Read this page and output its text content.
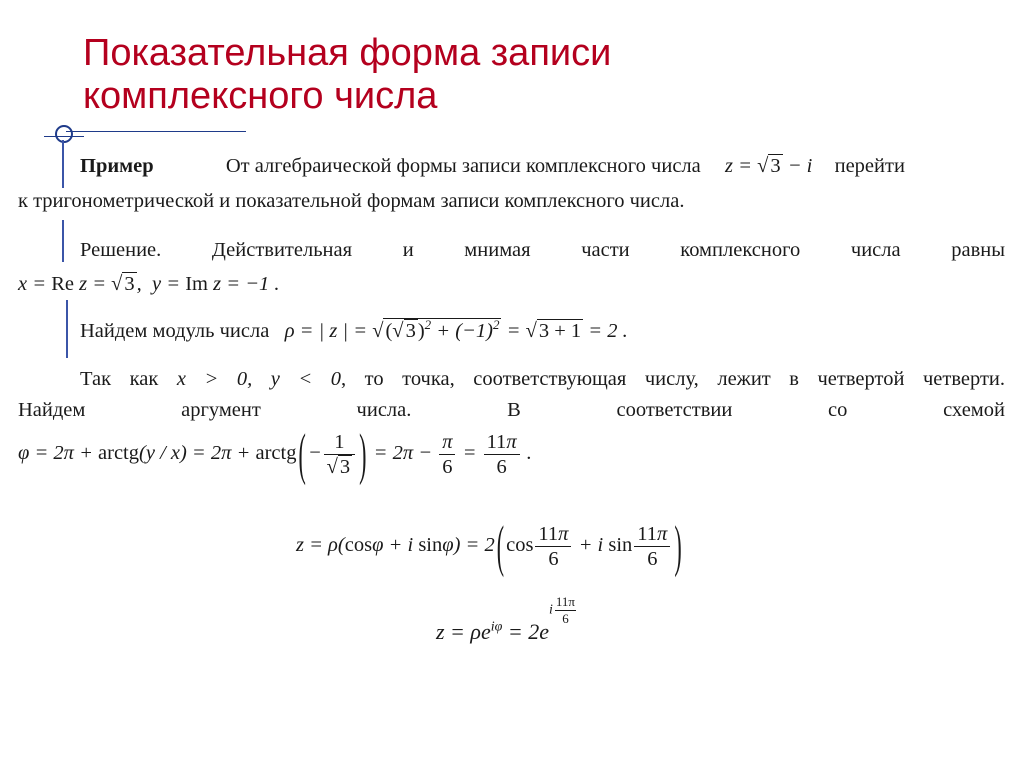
Показательная форма записи
комплексного числа
Пример	От алгебраической формы записи комплексного числа z = √3 − i перейти
к тригонометрической и показательной формам записи комплексного числа.
Решение. Действительная и мнимая части комплексного числа равны
x = Re z = √3,  y = Im z = −1 .
Найдем модуль числа   ρ = | z | = $√(√3)^2 + (-1)^2 = √3 + 1 = 2$ .
Так как x > 0, y < 0, то точка, соответствующая числу, лежит в четвертой четверти.
Найдем аргумент числа. В соответствии со схемой
φ = 2π + arctg(y / x) = 2π + arctg(− $\frac{1}{√3}$ ) = $2\pi - \frac{\pi}{6} = \frac{11\pi}{6}$ .
z = ρ(cosφ + i $\sin\varphi) = 2(\cos \frac{11\pi}{6} + i$ $\sin \frac{11\pi}{6}$ )
$z = \rho e^{i\varphi} = 2ei \frac{11\pi}{6}$
